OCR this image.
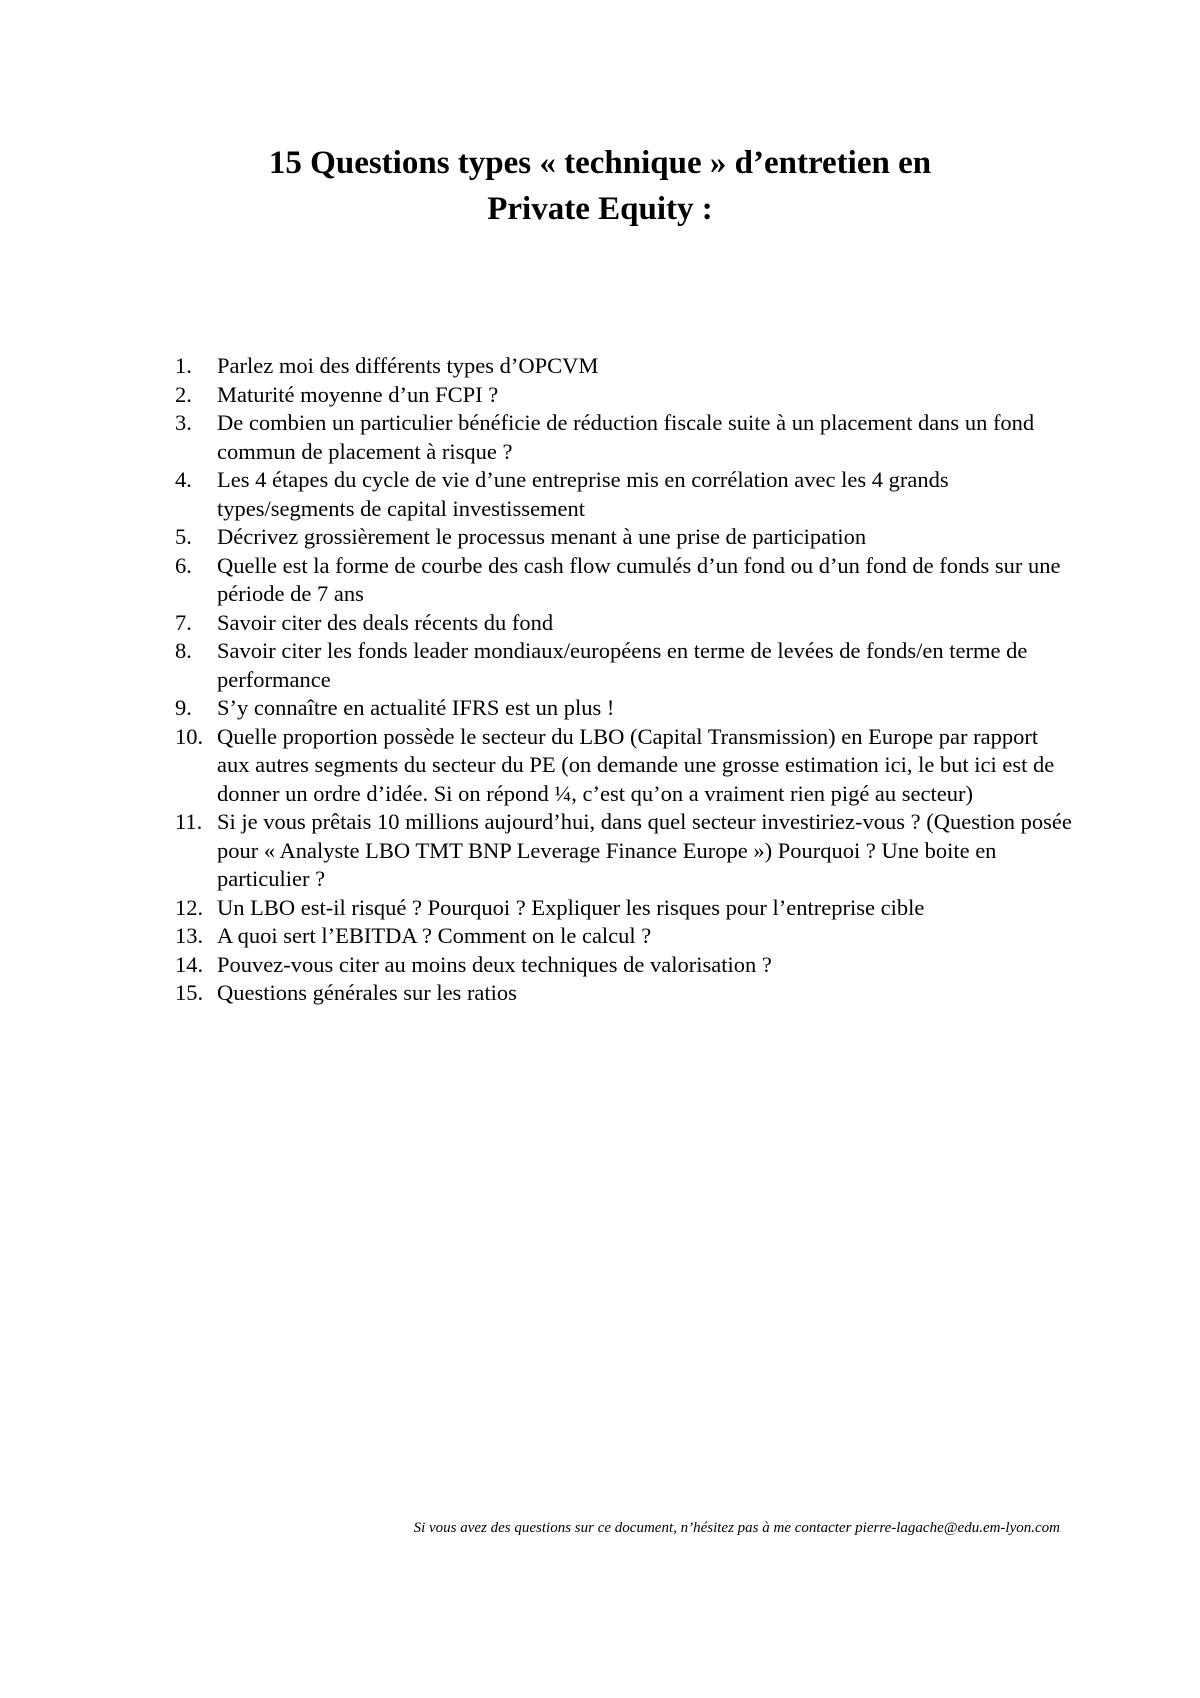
15 Questions types « technique » d’entretien en
Private Equity :
1.	Parlez moi des différents types d’OPCVM
2.	Maturité moyenne d’un FCPI ?
3.	De combien un particulier bénéficie de réduction fiscale suite à un placement dans un fond commun de placement à risque ?
4.	Les 4 étapes du cycle de vie d’une entreprise mis en corrélation avec les 4 grands types/segments de capital investissement
5.	Décrivez grossièrement le processus menant à une prise de participation
6.	Quelle est la forme de courbe des cash flow cumulés d’un fond ou d’un fond de fonds sur une période de 7 ans
7.	Savoir citer des deals récents du fond
8.	Savoir citer les fonds leader mondiaux/européens en terme de levées de fonds/en terme de performance
9.	S’y connaître en actualité IFRS est un plus !
10. Quelle proportion possède le secteur du LBO (Capital Transmission) en Europe par rapport aux autres segments du secteur du PE (on demande une grosse estimation ici, le but ici est de donner un ordre d’idée. Si on répond ¼, c’est qu’on a vraiment rien pigé au secteur)
11. Si je vous prêtais 10 millions aujourd’hui, dans quel secteur investiriez-vous ? (Question posée pour « Analyste LBO TMT BNP Leverage Finance Europe ») Pourquoi ? Une boite en particulier ?
12. Un LBO est-il risqué ? Pourquoi ? Expliquer les risques pour l’entreprise cible
13. A quoi sert l’EBITDA ? Comment on le calcul ?
14. Pouvez-vous citer au moins deux techniques de valorisation ?
15. Questions générales sur les ratios
Si vous avez des questions sur ce document, n’hésitez pas à me contacter pierre-lagache@edu.em-lyon.com
